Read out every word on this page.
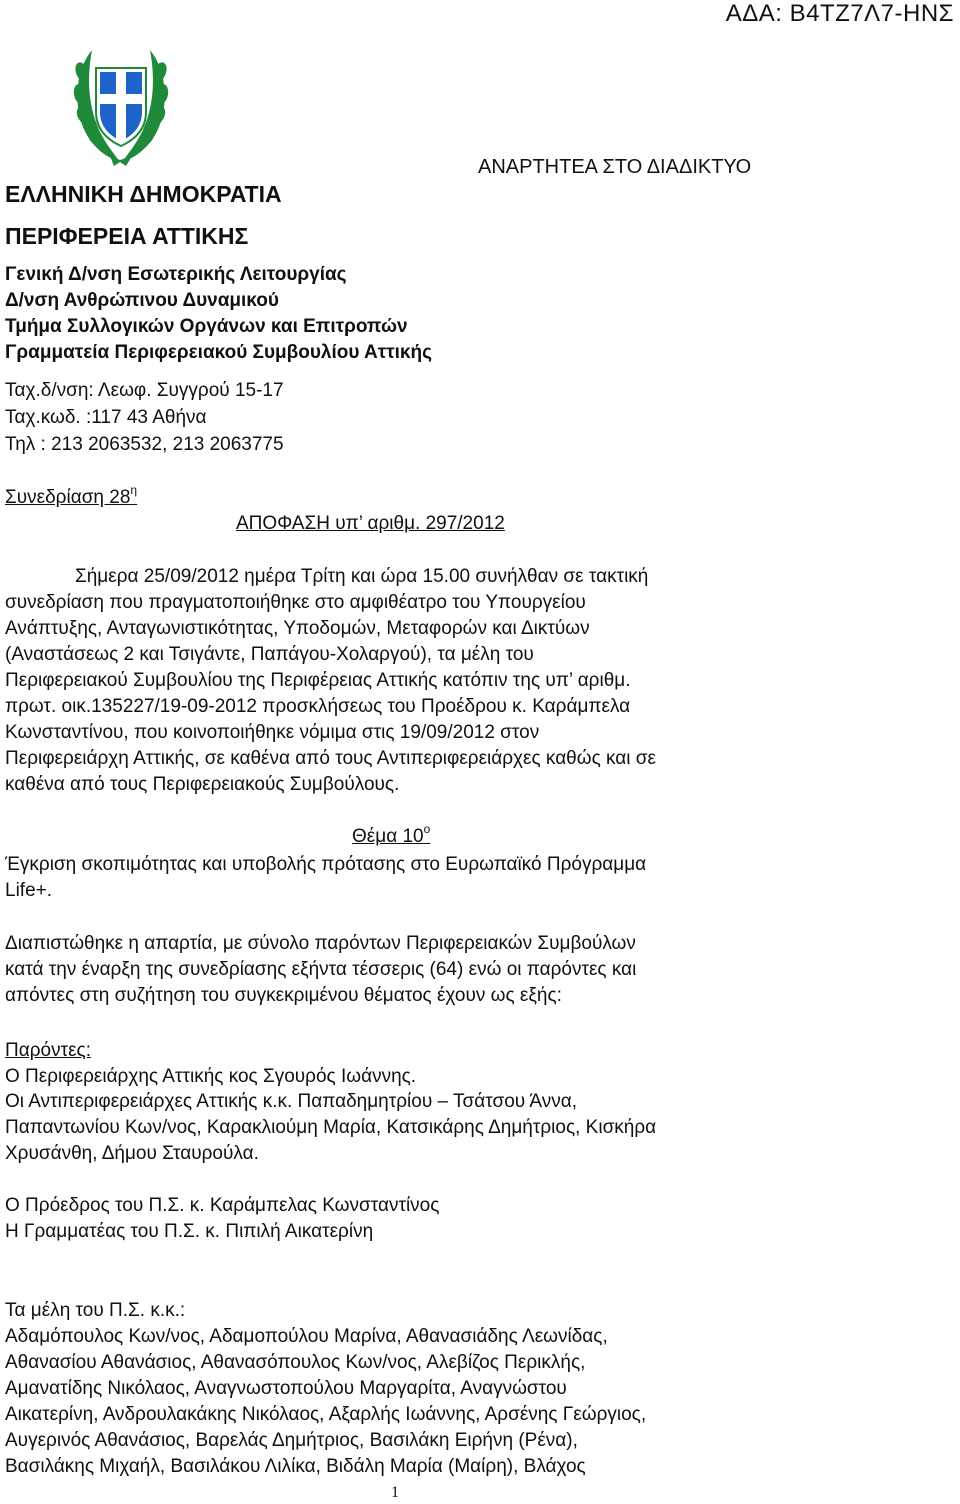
ΑΔΑ: Β4ΤΖ7Λ7-ΗΝΣ
ΑΝΑΡΤΗΤΕΑ ΣΤΟ ΔΙΑΔΙΚΤΥΟ
ΕΛΛΗΝΙΚΗ ΔΗΜΟΚΡΑΤΙΑ
ΠΕΡΙΦΕΡΕΙΑ ΑΤΤΙΚΗΣ
Γενική Δ/νση Εσωτερικής Λειτουργίας
Δ/νση Ανθρώπινου Δυναμικού
Τμήμα Συλλογικών Οργάνων και Επιτροπών
Γραμματεία Περιφερειακού Συμβουλίου Αττικής
Ταχ.δ/νση: Λεωφ. Συγγρού 15-17
Ταχ.κωδ. :117 43 Αθήνα
Τηλ : 213 2063532, 213 2063775
Συνεδρίαση $28^\eta$
ΑΠΟΦΑΣΗ υπ’ αριθμ. 297/2012
Σήμερα 25/09/2012 ημέρα Τρίτη και ώρα 15.00 συνήλθαν σε τακτική
συνεδρίαση που πραγματοποιήθηκε στο αμφιθέατρο του Υπουργείου
Ανάπτυξης, Ανταγωνιστικότητας, Υποδομών, Μεταφορών και Δικτύων
(Αναστάσεως 2 και Τσιγάντε, Παπάγου-Χολαργού), τα μέλη του
Περιφερειακού Συμβουλίου της Περιφέρειας Αττικής κατόπιν της υπ’ αριθμ.
πρωτ. οικ.135227/19-09-2012 προσκλήσεως του Προέδρου κ. Καράμπελα
Κωνσταντίνου, που κοινοποιήθηκε νόμιμα στις 19/09/2012 στον
Περιφερειάρχη Αττικής, σε καθένα από τους Αντιπεριφερειάρχες καθώς και σε
καθένα από τους Περιφερειακούς Συμβούλους.
Θέμα $10^o$
Έγκριση σκοπιμότητας και υποβολής πρότασης στο Ευρωπαϊκό Πρόγραμμα
Life+.
Διαπιστώθηκε η απαρτία, με σύνολο παρόντων Περιφερειακών Συμβούλων
κατά την έναρξη της συνεδρίασης εξήντα τέσσερις (64) ενώ οι παρόντες και
απόντες στη συζήτηση του συγκεκριμένου θέματος έχουν ως εξής:
Παρόντες:
Ο Περιφερειάρχης Αττικής κος Σγουρός Ιωάννης.
Οι Αντιπεριφερειάρχες Αττικής κ.κ. Παπαδημητρίου – Τσάτσου Άννα,
Παπαντωνίου Κων/νος, Καρακλιούμη Μαρία, Κατσικάρης Δημήτριος, Κισκήρα
Χρυσάνθη, Δήμου Σταυρούλα.
Ο Πρόεδρος του Π.Σ. κ. Καράμπελας Κωνσταντίνος
Η Γραμματέας του Π.Σ. κ. Πιπιλή Αικατερίνη
Τα μέλη του Π.Σ. κ.κ.:
Αδαμόπουλος Κων/νος, Αδαμοπούλου Μαρίνα, Αθανασιάδης Λεωνίδας,
Αθανασίου Αθανάσιος, Αθανασόπουλος Κων/νος, Αλεβίζος Περικλής,
Αμανατίδης Νικόλαος, Αναγνωστοπούλου Μαργαρίτα, Αναγνώστου
Αικατερίνη, Ανδρουλακάκης Νικόλαος, Αξαρλής Ιωάννης, Αρσένης Γεώργιος,
Αυγερινός Αθανάσιος, Βαρελάς Δημήτριος, Βασιλάκη Ειρήνη (Ρένα),
Βασιλάκης Μιχαήλ, Βασιλάκου Λιλίκα, Βιδάλη Μαρία (Μαίρη), Βλάχος
1
